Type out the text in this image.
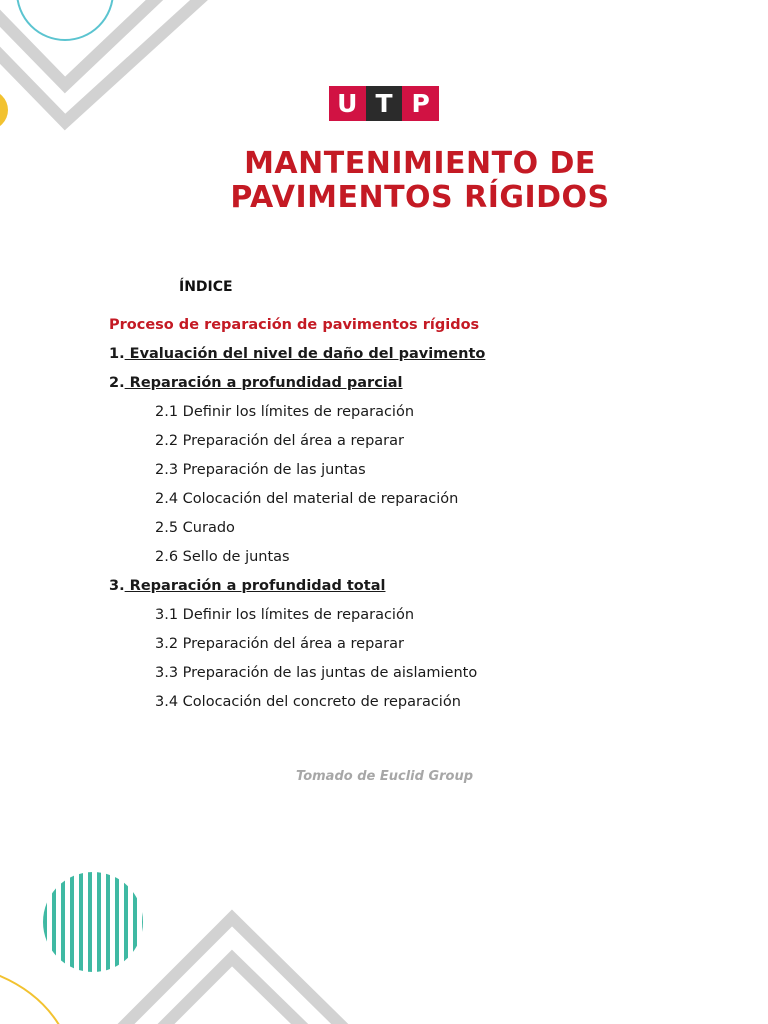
U T P
MANTENIMIENTO DE
PAVIMENTOS RÍGIDOS
ÍNDICE
Proceso de reparación de pavimentos rígidos
1. Evaluación del nivel de daño del pavimento
2. Reparación a profundidad parcial
2.1 Definir los límites de reparación
2.2 Preparación del área a reparar
2.3 Preparación de las juntas
2.4 Colocación del material de reparación
2.5 Curado
2.6 Sello de juntas
3. Reparación a profundidad total
3.1 Definir los límites de reparación
3.2 Preparación del área a reparar
3.3 Preparación de las juntas de aislamiento
3.4 Colocación del concreto de reparación
Tomado de Euclid Group
